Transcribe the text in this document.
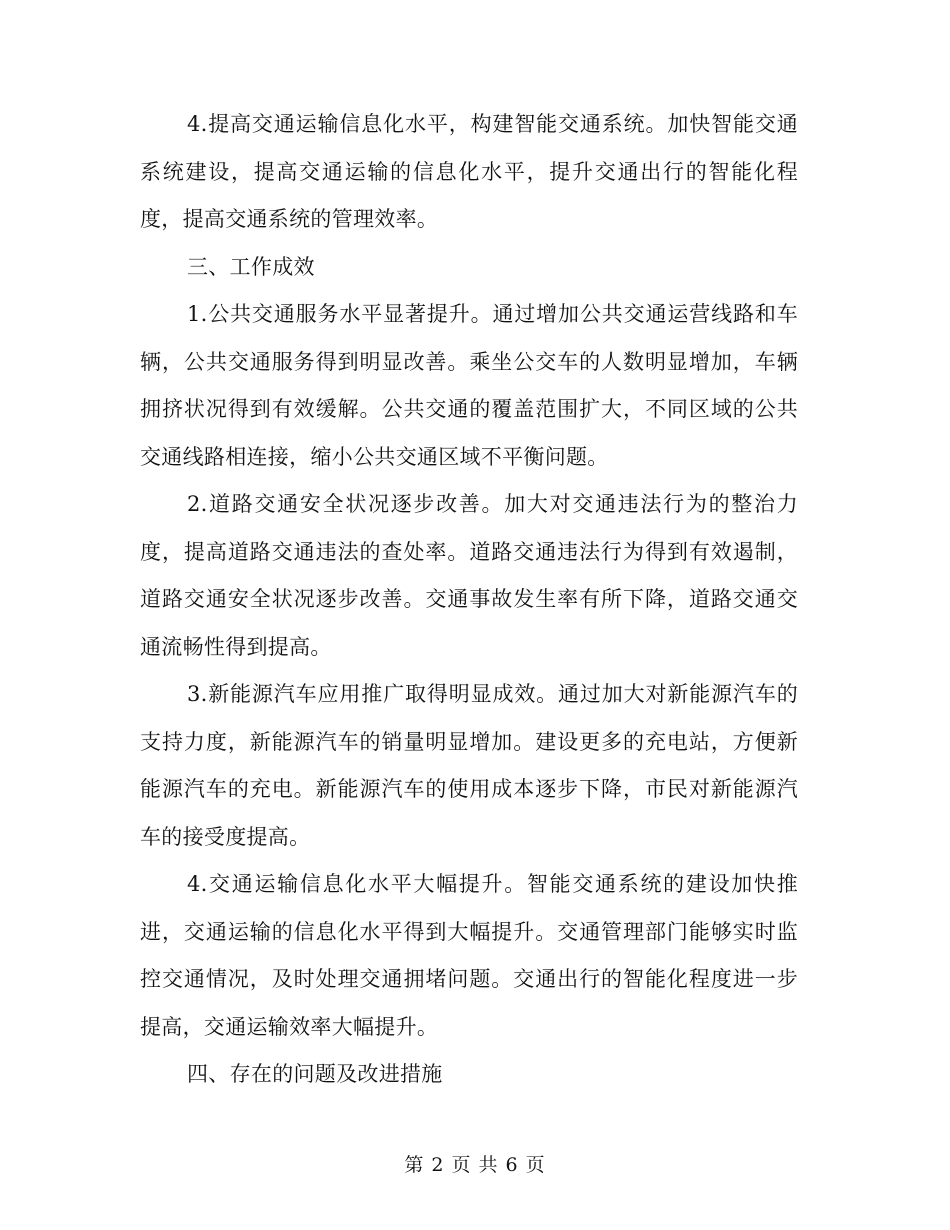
4.提高交通运输信息化水平，构建智能交通系统。加快智能交通系统建设，提高交通运输的信息化水平，提升交通出行的智能化程度，提高交通系统的管理效率。

三、工作成效

1.公共交通服务水平显著提升。通过增加公共交通运营线路和车辆，公共交通服务得到明显改善。乘坐公交车的人数明显增加，车辆拥挤状况得到有效缓解。公共交通的覆盖范围扩大，不同区域的公共交通线路相连接，缩小公共交通区域不平衡问题。

2.道路交通安全状况逐步改善。加大对交通违法行为的整治力度，提高道路交通违法的查处率。道路交通违法行为得到有效遏制，道路交通安全状况逐步改善。交通事故发生率有所下降，道路交通交通流畅性得到提高。

3.新能源汽车应用推广取得明显成效。通过加大对新能源汽车的支持力度，新能源汽车的销量明显增加。建设更多的充电站，方便新能源汽车的充电。新能源汽车的使用成本逐步下降，市民对新能源汽车的接受度提高。

4.交通运输信息化水平大幅提升。智能交通系统的建设加快推进，交通运输的信息化水平得到大幅提升。交通管理部门能够实时监控交通情况，及时处理交通拥堵问题。交通出行的智能化程度进一步提高，交通运输效率大幅提升。

四、存在的问题及改进措施

第 2 页 共 6 页
